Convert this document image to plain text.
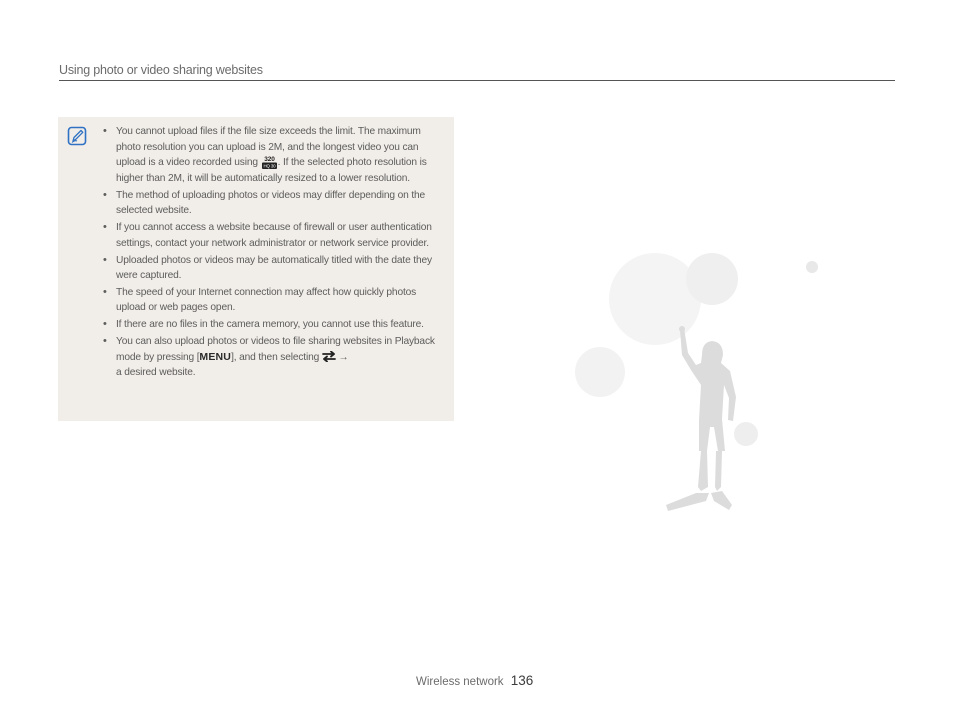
Using photo or video sharing websites
• You cannot upload files if the file size exceeds the limit. The maximum photo resolution you can upload is 2M, and the longest video you can upload is a video recorded using 320
HQ 30 . If the selected photo resolution is higher than 2M, it will be automatically resized to a lower resolution.
• The method of uploading photos or videos may differ depending on the selected website.
• If you cannot access a website because of firewall or user authentication settings, contact your network administrator or network service provider.
• Uploaded photos or videos may be automatically titled with the date they were captured.
• The speed of your Internet connection may affect how quickly photos upload or web pages open.
• If there are no files in the camera memory, you cannot use this feature.
• You can also upload photos or videos to file sharing websites in Playback mode by pressing [MENU], and then selecting  →
a desired website.
Wireless network 136
